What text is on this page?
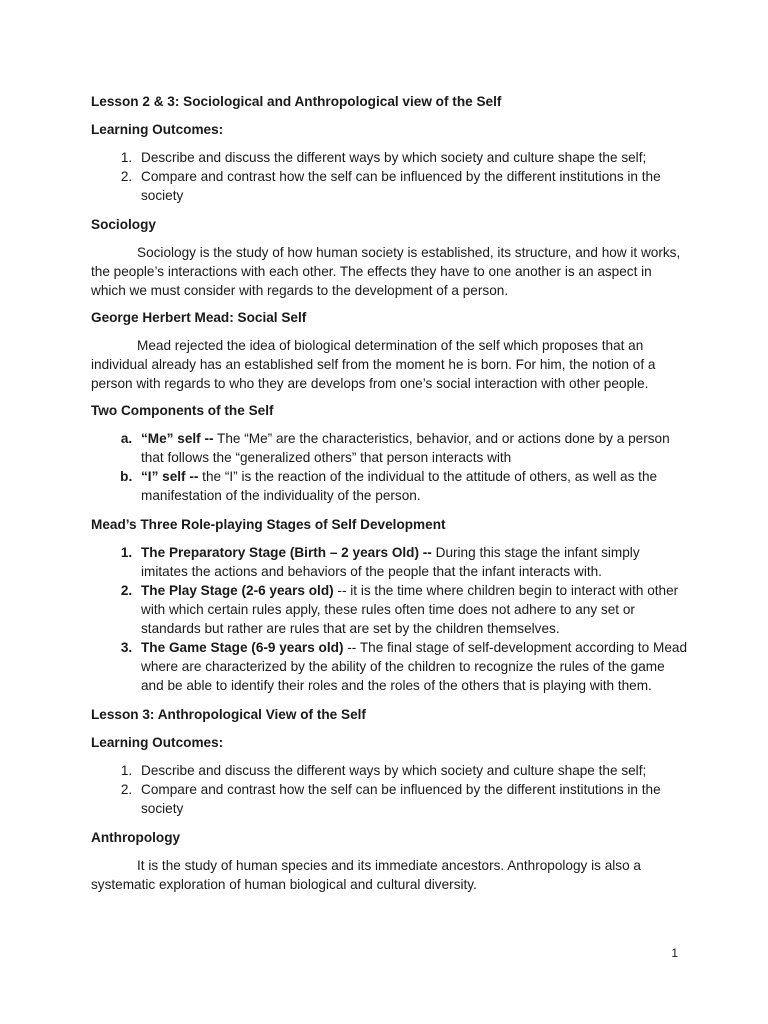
Lesson 2 & 3: Sociological and Anthropological view of the Self
Learning Outcomes:
1. Describe and discuss the different ways by which society and culture shape the self;
2. Compare and contrast how the self can be influenced by the different institutions in the society
Sociology

Sociology is the study of how human society is established, its structure, and how it works, the people’s interactions with each other. The effects they have to one another is an aspect in which we must consider with regards to the development of a person.

George Herbert Mead: Social Self

Mead rejected the idea of biological determination of the self which proposes that an individual already has an established self from the moment he is born. For him, the notion of a person with regards to who they are develops from one’s social interaction with other people.

Two Components of the Self
a. “Me” self -- The “Me” are the characteristics, behavior, and or actions done by a person that follows the “generalized others” that person interacts with
b. “I” self -- the “I” is the reaction of the individual to the attitude of others, as well as the manifestation of the individuality of the person.
Mead’s Three Role-playing Stages of Self Development
1. The Preparatory Stage (Birth – 2 years Old) -- During this stage the infant simply imitates the actions and behaviors of the people that the infant interacts with.
2. The Play Stage (2-6 years old) -- it is the time where children begin to interact with other with which certain rules apply, these rules often time does not adhere to any set or standards but rather are rules that are set by the children themselves.
3. The Game Stage (6-9 years old) -- The final stage of self-development according to Mead where are characterized by the ability of the children to recognize the rules of the game and be able to identify their roles and the roles of the others that is playing with them.
Lesson 3: Anthropological View of the Self
Learning Outcomes:
1. Describe and discuss the different ways by which society and culture shape the self;
2. Compare and contrast how the self can be influenced by the different institutions in the society
Anthropology

It is the study of human species and its immediate ancestors. Anthropology is also a systematic exploration of human biological and cultural diversity.

1
